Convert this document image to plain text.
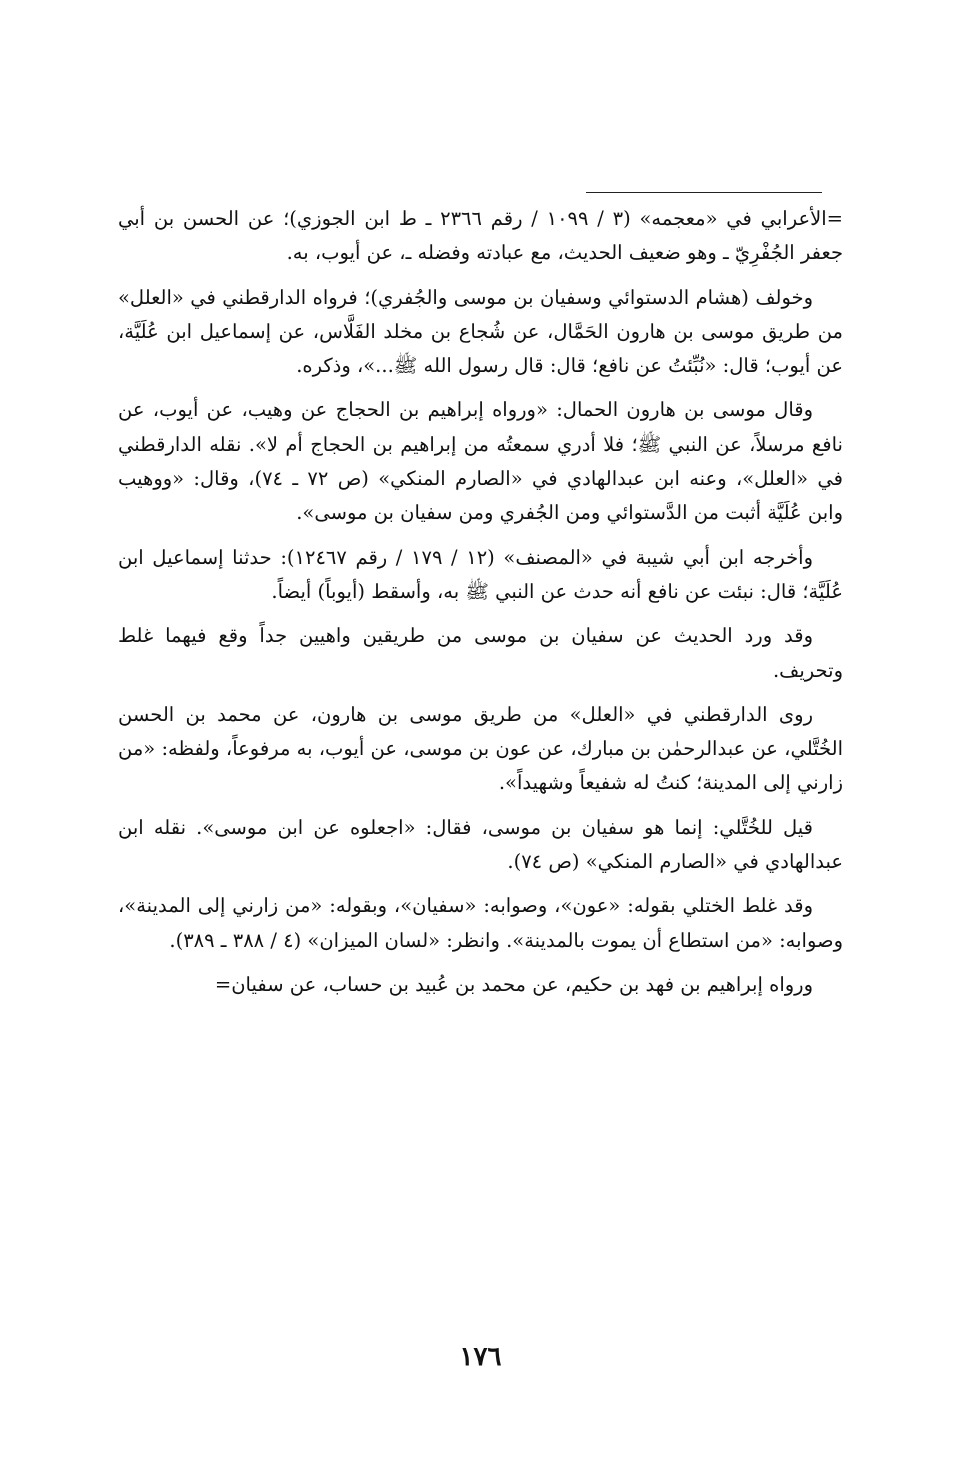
=الأعرابي في «معجمه» (٣ / ١٠٩٩ / رقم ٢٣٦٦ ـ ط ابن الجوزي)؛ عن الحسن بن أبي جعفر الجُفْرِيّ ـ وهو ضعيف الحديث، مع عبادته وفضله ـ، عن أيوب، به.

وخولف (هشام الدستوائي وسفيان بن موسى والجُفري)؛ فرواه الدارقطني في «العلل» من طريق موسى بن هارون الحَمَّال، عن شُجاع بن مخلد الفَلَّاس، عن إسماعيل ابن عُلَيَّة، عن أيوب؛ قال: «نُبِّئتُ عن نافع؛ قال: قال رسول الله ﷺ...»، وذكره.

وقال موسى بن هارون الحمال: «ورواه إبراهيم بن الحجاج عن وهيب، عن أيوب، عن نافع مرسلاً، عن النبي ﷺ؛ فلا أدري سمعتُه من إبراهيم بن الحجاج أم لا». نقله الدارقطني في «العلل»، وعنه ابن عبدالهادي في «الصارم المنكي» (ص ٧٢ ـ ٧٤)، وقال: «ووهيب وابن عُلَيَّة أثبت من الدَّستوائي ومن الجُفري ومن سفيان بن موسى».

وأخرجه ابن أبي شيبة في «المصنف» (١٢ / ١٧٩ / رقم ١٢٤٦٧): حدثنا إسماعيل ابن عُلَيَّة؛ قال: نبئت عن نافع أنه حدث عن النبي ﷺ به، وأسقط (أيوباً) أيضاً.

وقد ورد الحديث عن سفيان بن موسى من طريقين واهيين جداً وقع فيهما غلط وتحريف.

روى الدارقطني في «العلل» من طريق موسى بن هارون، عن محمد بن الحسن الخُتَّلي، عن عبدالرحمٰن بن مبارك، عن عون بن موسى، عن أيوب، به مرفوعاً، ولفظه: «من زارني إلى المدينة؛ كنتُ له شفيعاً وشهيداً».

قيل للخُتَّلي: إنما هو سفيان بن موسى، فقال: «اجعلوه عن ابن موسى». نقله ابن عبدالهادي في «الصارم المنكي» (ص ٧٤).

وقد غلط الختلي بقوله: «عون»، وصوابه: «سفيان»، وبقوله: «من زارني إلى المدينة»، وصوابه: «من استطاع أن يموت بالمدينة». وانظر: «لسان الميزان» (٤ / ٣٨٨ ـ ٣٨٩).

ورواه إبراهيم بن فهد بن حكيم، عن محمد بن عُبيد بن حساب، عن سفيان=

١٧٦
